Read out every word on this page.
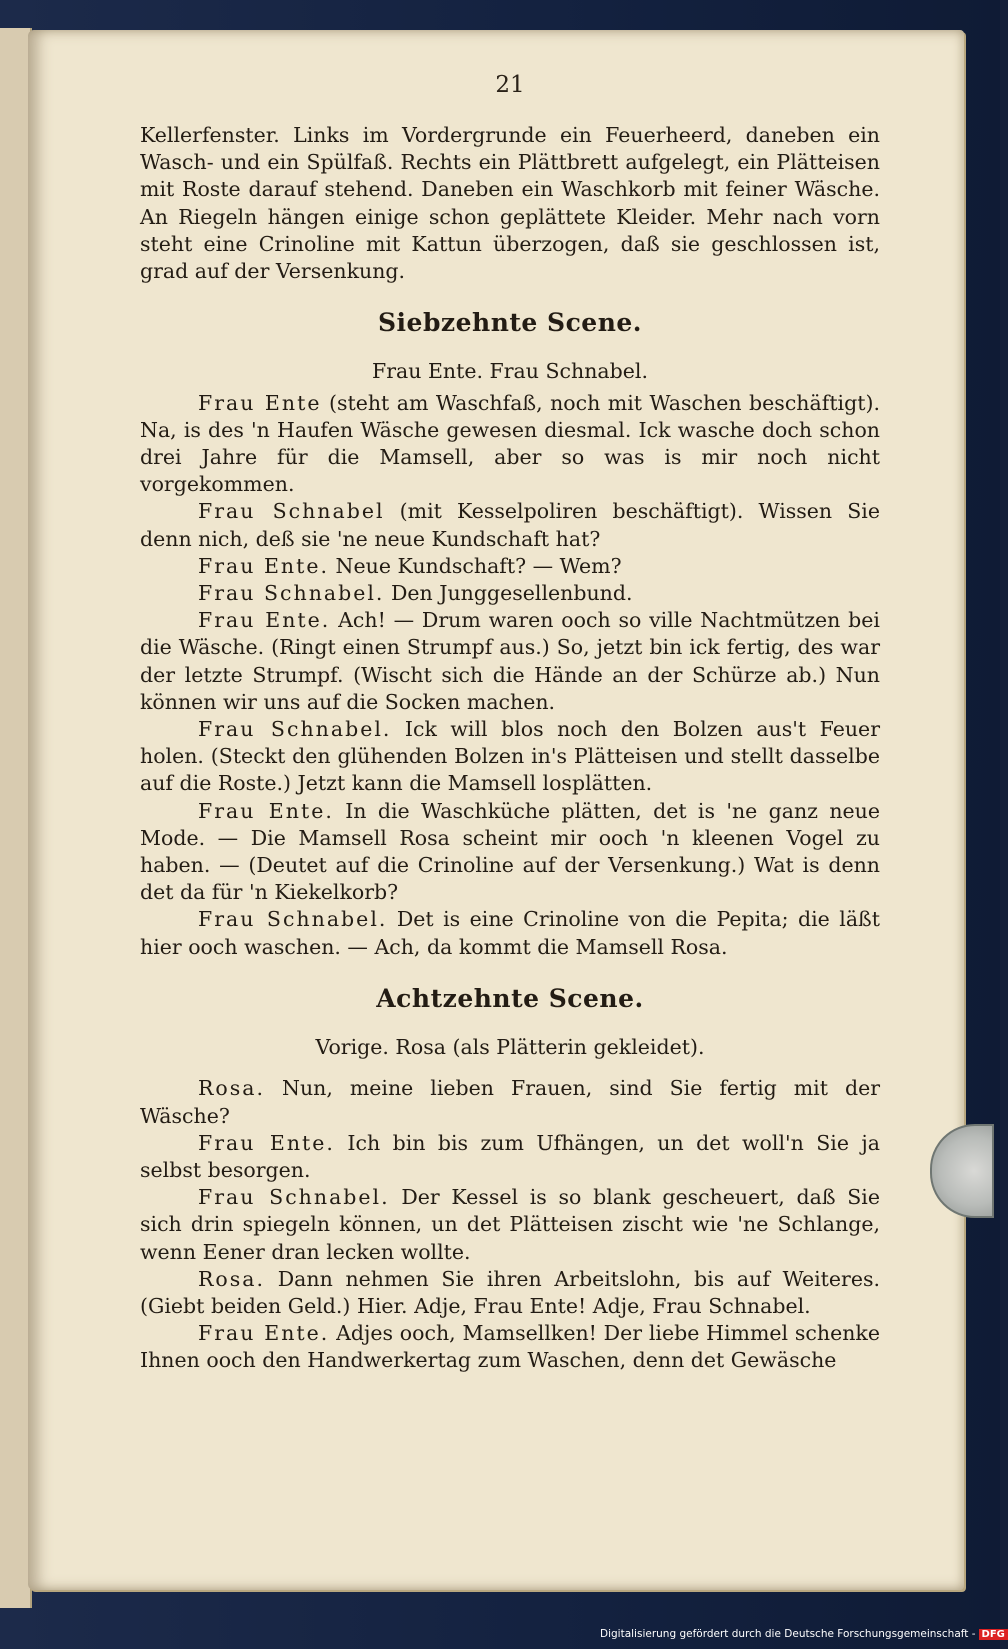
21

Kellerfenster. Links im Vordergrunde ein Feuerheerd, daneben ein Wasch- und ein Spülfaß. Rechts ein Plättbrett aufgelegt, ein Plätteisen mit Roste darauf stehend. Daneben ein Waschkorb mit feiner Wäsche. An Riegeln hängen einige schon geplättete Kleider. Mehr nach vorn steht eine Crinoline mit Kattun überzogen, daß sie geschlossen ist, grad auf der Versenkung.

Siebzehnte Scene.

Frau Ente. Frau Schnabel.

Frau Ente (steht am Waschfaß, noch mit Waschen beschäftigt). Na, is des 'n Haufen Wäsche gewesen diesmal. Ick wasche doch schon drei Jahre für die Mamsell, aber so was is mir noch nicht vorgekommen.

Frau Schnabel (mit Kesselpoliren beschäftigt). Wissen Sie denn nich, deß sie 'ne neue Kundschaft hat?

Frau Ente. Neue Kundschaft? — Wem?

Frau Schnabel. Den Junggesellenbund.

Frau Ente. Ach! — Drum waren ooch so ville Nachtmützen bei die Wäsche. (Ringt einen Strumpf aus.) So, jetzt bin ick fertig, des war der letzte Strumpf. (Wischt sich die Hände an der Schürze ab.) Nun können wir uns auf die Socken machen.

Frau Schnabel. Ick will blos noch den Bolzen aus't Feuer holen. (Steckt den glühenden Bolzen in's Plätteisen und stellt dasselbe auf die Roste.) Jetzt kann die Mamsell losplätten.

Frau Ente. In die Waschküche plätten, det is 'ne ganz neue Mode. — Die Mamsell Rosa scheint mir ooch 'n kleenen Vogel zu haben. — (Deutet auf die Crinoline auf der Versenkung.) Wat is denn det da für 'n Kiekelkorb?

Frau Schnabel. Det is eine Crinoline von die Pepita; die läßt hier ooch waschen. — Ach, da kommt die Mamsell Rosa.

Achtzehnte Scene.

Vorige. Rosa (als Plätterin gekleidet).

Rosa. Nun, meine lieben Frauen, sind Sie fertig mit der Wäsche?

Frau Ente. Ich bin bis zum Ufhängen, un det woll'n Sie ja selbst besorgen.

Frau Schnabel. Der Kessel is so blank gescheuert, daß Sie sich drin spiegeln können, un det Plätteisen zischt wie 'ne Schlange, wenn Eener dran lecken wollte.

Rosa. Dann nehmen Sie ihren Arbeitslohn, bis auf Weiteres. (Giebt beiden Geld.) Hier. Adje, Frau Ente! Adje, Frau Schnabel.

Frau Ente. Adjes ooch, Mamsellken! Der liebe Himmel schenke Ihnen ooch den Handwerkertag zum Waschen, denn det Gewäsche

Digitalisierung gefördert durch die Deutsche Forschungsgemeinschaft - DFG
